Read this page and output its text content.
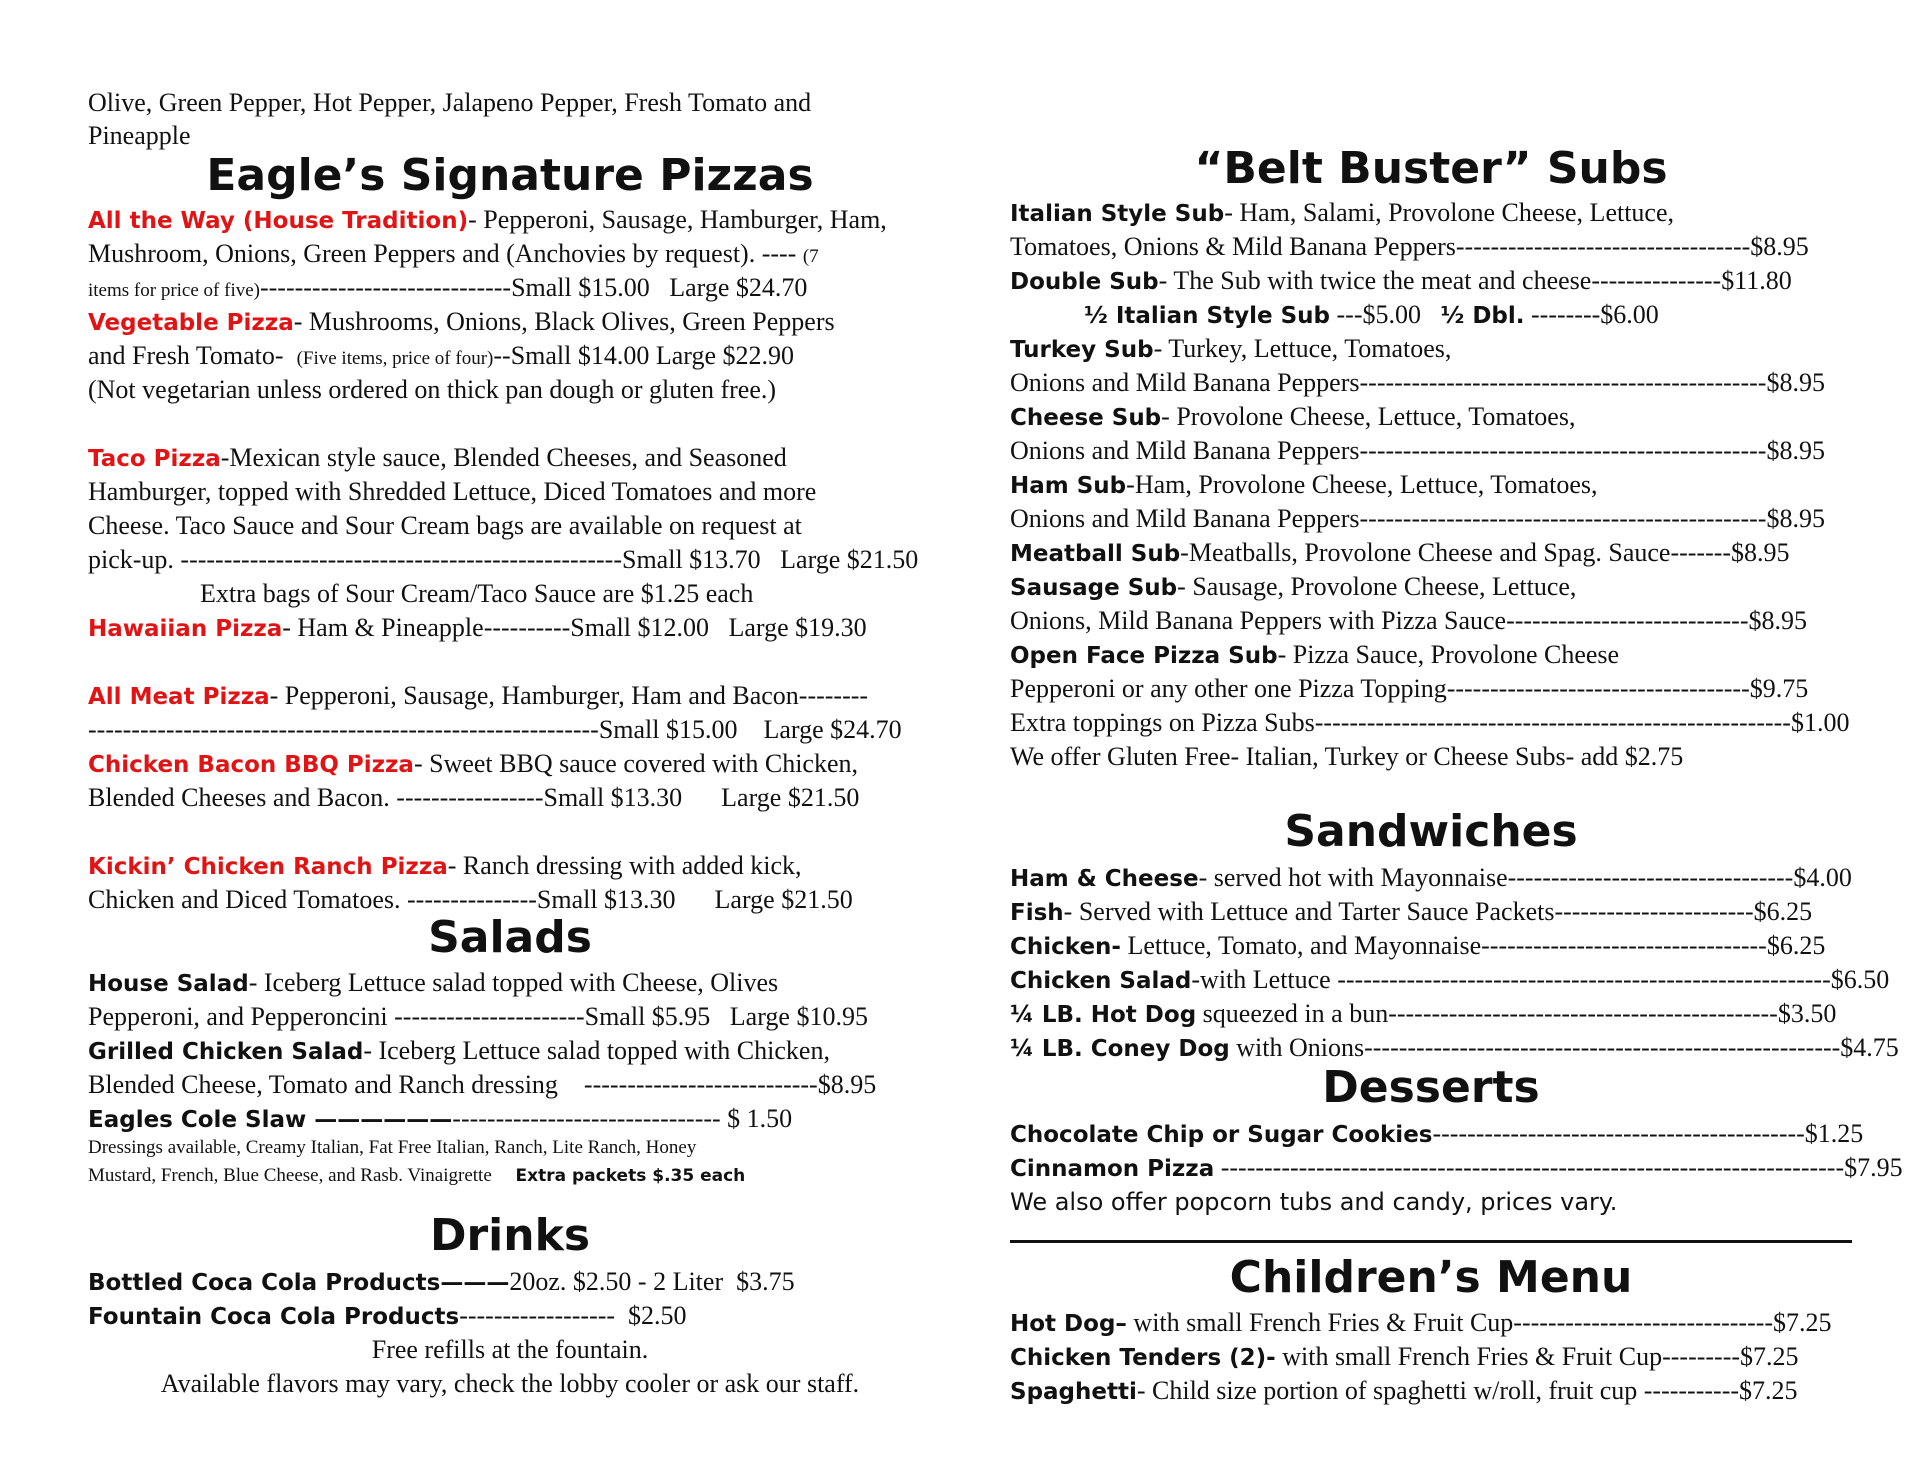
Olive, Green Pepper, Hot Pepper, Jalapeno Pepper, Fresh Tomato and
Pineapple
Eagle’s Signature Pizzas
All the Way (House Tradition)- Pepperoni, Sausage, Hamburger, Ham,
Mushroom, Onions, Green Peppers and (Anchovies by request). ---- (7
items for price of five)-----------------------------Small $15.00   Large $24.70
Vegetable Pizza- Mushrooms, Onions, Black Olives, Green Peppers
and Fresh Tomato-  (Five items, price of four)--Small $14.00 Large $22.90
(Not vegetarian unless ordered on thick pan dough or gluten free.)
Taco Pizza-Mexican style sauce, Blended Cheeses, and Seasoned
Hamburger, topped with Shredded Lettuce, Diced Tomatoes and more
Cheese. Taco Sauce and Sour Cream bags are available on request at
pick-up. ---------------------------------------------------Small $13.70   Large $21.50
Extra bags of Sour Cream/Taco Sauce are $1.25 each
Hawaiian Pizza- Ham & Pineapple----------Small $12.00   Large $19.30
All Meat Pizza- Pepperoni, Sausage, Hamburger, Ham and Bacon--------
-----------------------------------------------------------Small $15.00    Large $24.70
Chicken Bacon BBQ Pizza- Sweet BBQ sauce covered with Chicken,
Blended Cheeses and Bacon. -----------------Small $13.30      Large $21.50
Kickin’ Chicken Ranch Pizza- Ranch dressing with added kick,
Chicken and Diced Tomatoes. ---------------Small $13.30      Large $21.50
Salads
House Salad- Iceberg Lettuce salad topped with Cheese, Olives
Pepperoni, and Pepperoncini ----------------------Small $5.95   Large $10.95
Grilled Chicken Salad- Iceberg Lettuce salad topped with Chicken,
Blended Cheese, Tomato and Ranch dressing    ---------------------------$8.95
Eagles Cole Slaw ——————------------------------------- $ 1.50
Dressings available, Creamy Italian, Fat Free Italian, Ranch, Lite Ranch, Honey
Mustard, French, Blue Cheese, and Rasb. Vinaigrette     Extra packets $.35 each
Drinks
Bottled Coca Cola Products———20oz. $2.50 - 2 Liter  $3.75
Fountain Coca Cola Products------------------  $2.50
Free refills at the fountain.
Available flavors may vary, check the lobby cooler or ask our staff.
“Belt Buster” Subs
Italian Style Sub- Ham, Salami, Provolone Cheese, Lettuce,
Tomatoes, Onions & Mild Banana Peppers----------------------------------$8.95
Double Sub- The Sub with twice the meat and cheese---------------$11.80
½ Italian Style Sub ---$5.00   ½ Dbl. --------$6.00
Turkey Sub- Turkey, Lettuce, Tomatoes,
Onions and Mild Banana Peppers-----------------------------------------------$8.95
Cheese Sub- Provolone Cheese, Lettuce, Tomatoes,
Onions and Mild Banana Peppers-----------------------------------------------$8.95
Ham Sub-Ham, Provolone Cheese, Lettuce, Tomatoes,
Onions and Mild Banana Peppers-----------------------------------------------$8.95
Meatball Sub-Meatballs, Provolone Cheese and Spag. Sauce-------$8.95
Sausage Sub- Sausage, Provolone Cheese, Lettuce,
Onions, Mild Banana Peppers with Pizza Sauce----------------------------$8.95
Open Face Pizza Sub- Pizza Sauce, Provolone Cheese
Pepperoni or any other one Pizza Topping-----------------------------------$9.75
Extra toppings on Pizza Subs-------------------------------------------------------$1.00
We offer Gluten Free- Italian, Turkey or Cheese Subs- add $2.75
Sandwiches
Ham & Cheese- served hot with Mayonnaise---------------------------------$4.00
Fish- Served with Lettuce and Tarter Sauce Packets-----------------------$6.25
Chicken- Lettuce, Tomato, and Mayonnaise---------------------------------$6.25
Chicken Salad-with Lettuce ---------------------------------------------------------$6.50
¼ LB. Hot Dog squeezed in a bun---------------------------------------------$3.50
¼ LB. Coney Dog with Onions-------------------------------------------------------$4.75
Desserts
Chocolate Chip or Sugar Cookies-------------------------------------------$1.25
Cinnamon Pizza ------------------------------------------------------------------------$7.95
We also offer popcorn tubs and candy, prices vary.
Children’s Menu
Hot Dog– with small French Fries & Fruit Cup------------------------------$7.25
Chicken Tenders (2)- with small French Fries & Fruit Cup---------$7.25
Spaghetti- Child size portion of spaghetti w/roll, fruit cup -----------$7.25
